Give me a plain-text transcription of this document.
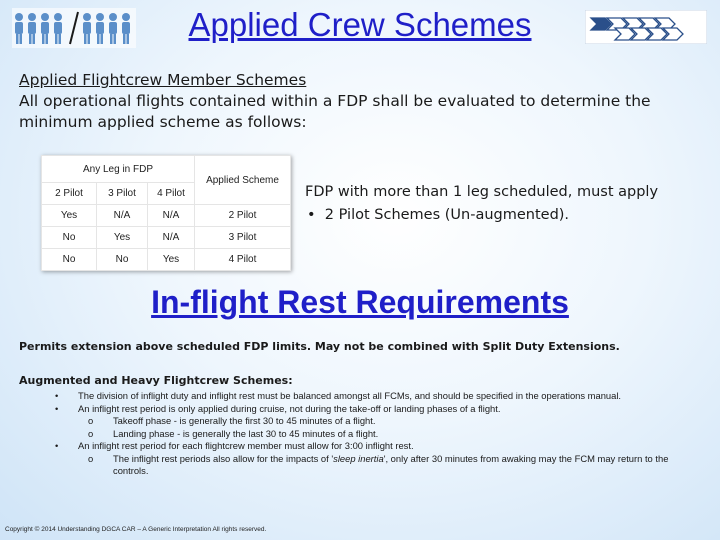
Applied Crew Schemes
Applied Flightcrew Member Schemes
All operational flights contained within a FDP shall be evaluated to determine the minimum applied scheme as follows:
Any Leg in FDP			Applied Scheme
2 Pilot	3 Pilot	4 Pilot	
Yes	N/A	N/A	2 Pilot
No	Yes	N/A	3 Pilot
No	No	Yes	4 Pilot
FDP with more than 1 leg scheduled, must apply
• 2 Pilot Schemes (Un-augmented).
In-flight Rest Requirements
Permits extension above scheduled FDP limits. May not be combined with Split Duty Extensions.
Augmented and Heavy Flightcrew Schemes:
• The division of inflight duty and inflight rest must be balanced amongst all FCMs, and should be specified in the operations manual.
• An inflight rest period is only applied during cruise, not during the take-off or landing phases of a flight.
o Takeoff phase - is generally the first 30 to 45 minutes of a flight.
o Landing phase - is generally the last 30 to 45 minutes of a flight.
• An inflight rest period for each flightcrew member must allow for 3:00 inflight rest.
o The inflight rest periods also allow for the impacts of 'sleep inertia', only after 30 minutes from awaking may the FCM may return to the controls.
Copyright © 2014 Understanding DGCA CAR – A Generic Interpretation All rights reserved.
